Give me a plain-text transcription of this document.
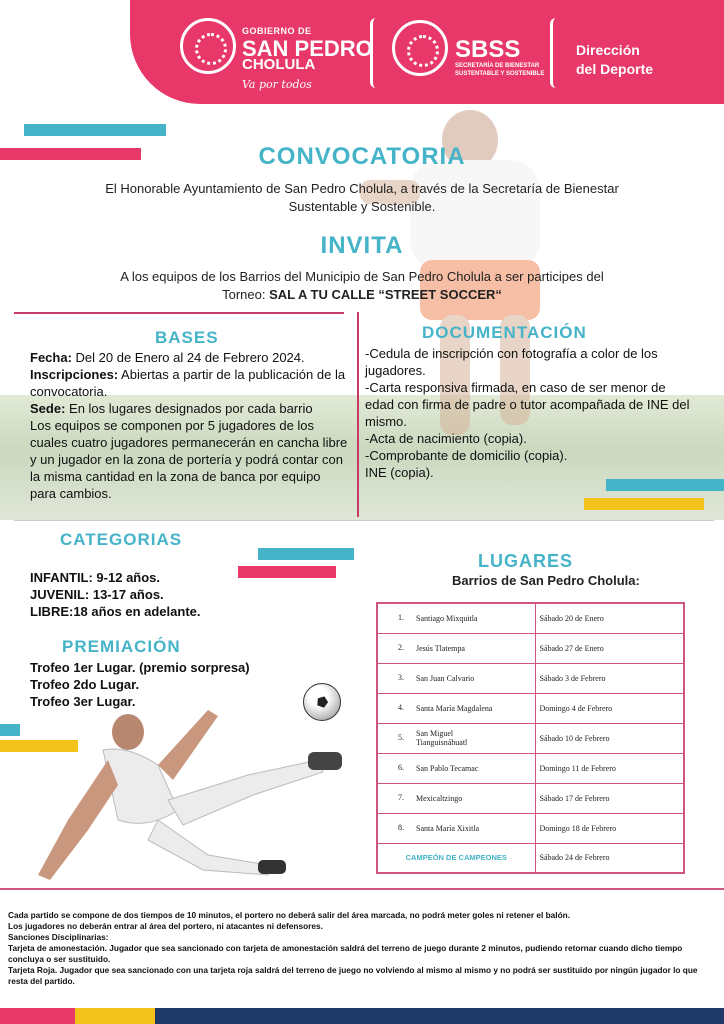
GOBIERNO DE
SAN PEDRO
CHOLULA
Va por todos
SBSS
SECRETARÍA DE BIENESTAR
SUSTENTABLE Y SOSTENIBLE
Dirección
del Deporte
CONVOCATORIA
El Honorable Ayuntamiento de San Pedro Cholula, a través de la Secretaría de Bienestar
Sustentable y Sostenible.
INVITA
A los equipos de los Barrios del Municipio de San Pedro Cholula a ser participes del
Torneo: SAL A TU CALLE “STREET SOCCER“
BASES
Fecha: Del 20 de Enero al 24 de Febrero 2024.
Inscripciones: Abiertas a partir de la publicación de la convocatoria.
Sede: En los lugares designados por cada barrio
Los equipos se componen por 5 jugadores de los cuales cuatro jugadores permanecerán en cancha libre y un jugador en la zona de portería y podrá contar con la misma cantidad en la zona de banca por equipo para cambios.
DOCUMENTACIÓN
-Cedula de inscripción con fotografía a color de los jugadores.
-Carta responsiva firmada, en caso de ser menor de edad con firma de padre o tutor acompañada de INE del mismo.
-Acta de nacimiento (copia).
-Comprobante de domicilio (copia).
INE (copia).
CATEGORIAS
INFANTIL: 9-12 años.
JUVENIL: 13-17 años.
LIBRE:18 años en adelante.
PREMIACIÓN
Trofeo 1er Lugar. (premio sorpresa)
Trofeo 2do Lugar.
Trofeo 3er Lugar.
LUGARES
Barrios de San Pedro Cholula:
1. Santiago Mixquitla	Sábado 20 de Enero
2. Jesús Tlatempa	Sábado 27 de Enero
3. San Juan Calvario	Sábado 3 de Febrero
4. Santa María Magdalena	Domingo 4 de Febrero
5. San Miguel Tianguisnáhuatl	Sábado 10 de Febrero
6. San Pablo Tecamac	Domingo 11 de Febrero
7. Mexicaltzingo	Sábado 17 de Febrero
8. Santa María Xixitla	Domingo 18 de Febrero
CAMPEÓN DE CAMPEONES	Sábado 24 de Febrero
Cada partido se compone de dos tiempos de 10 minutos, el portero no deberá salir del área marcada, no podrá meter goles ni retener el balón.
Los jugadores no deberán entrar al área del portero, ni atacantes ni defensores.
Sanciones Disciplinarias:
Tarjeta de amonestación. Jugador que sea sancionado con tarjeta de amonestación saldrá del terreno de juego durante 2 minutos, pudiendo retornar cuando dicho tiempo concluya o ser sustituido.
Tarjeta Roja. Jugador que sea sancionado con una tarjeta roja saldrá del terreno de juego no volviendo al mismo al mismo y no podrá ser sustituido por ningún jugador lo que resta del partido.
